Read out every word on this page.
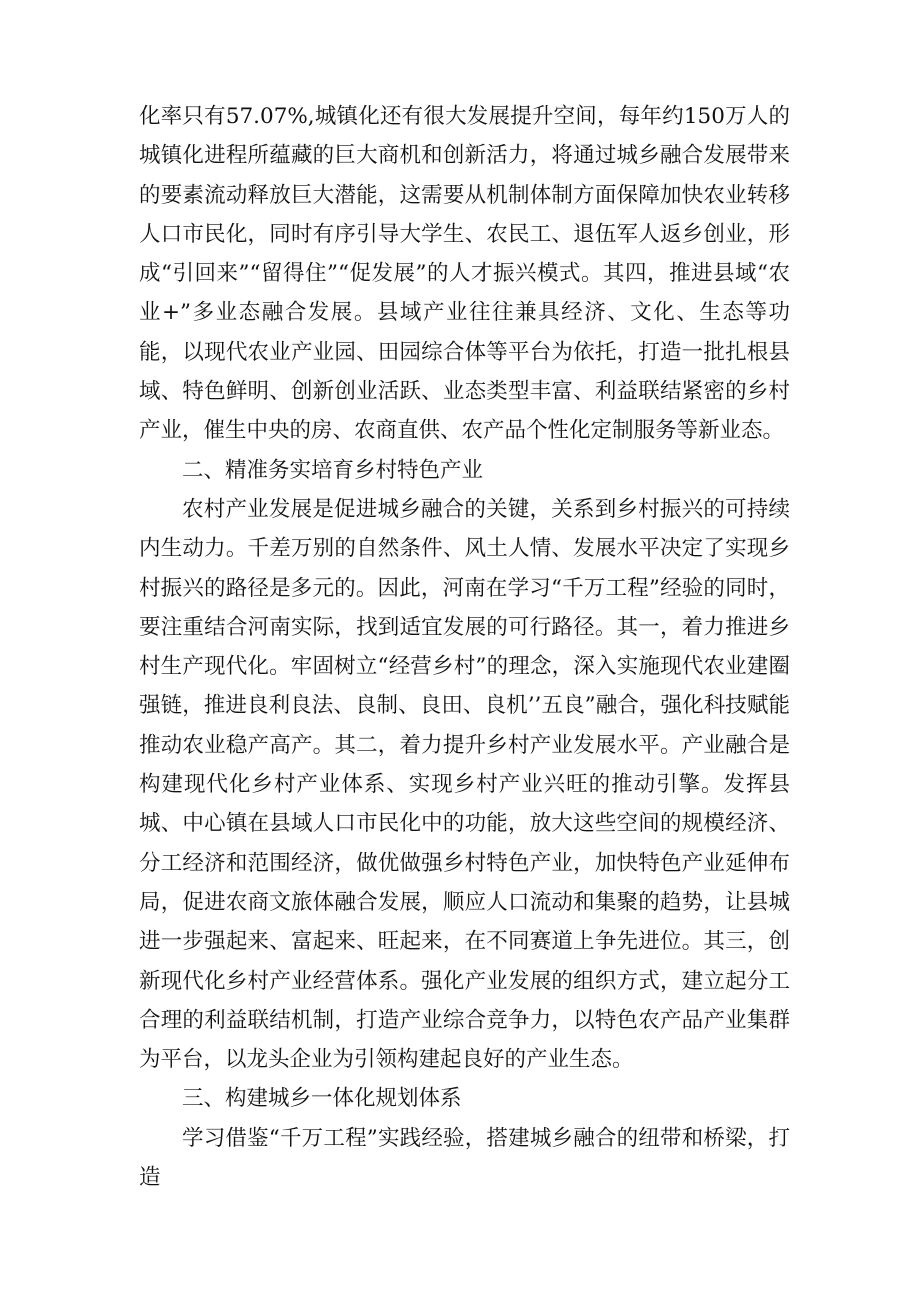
化率只有57.07%,城镇化还有很大发展提升空间，每年约150万人的城镇化进程所蕴藏的巨大商机和创新活力，将通过城乡融合发展带来的要素流动释放巨大潜能，这需要从机制体制方面保障加快农业转移人口市民化，同时有序引导大学生、农民工、退伍军人返乡创业，形成“引回来”“留得住”“促发展”的人才振兴模式。其四，推进县域“农业+”多业态融合发展。县域产业往往兼具经济、文化、生态等功能，以现代农业产业园、田园综合体等平台为依托，打造一批扎根县域、特色鲜明、创新创业活跃、业态类型丰富、利益联结紧密的乡村产业，催生中央的房、农商直供、农产品个性化定制服务等新业态。

二、精准务实培育乡村特色产业

农村产业发展是促进城乡融合的关键，关系到乡村振兴的可持续内生动力。千差万别的自然条件、风土人情、发展水平决定了实现乡村振兴的路径是多元的。因此，河南在学习“千万工程”经验的同时，要注重结合河南实际，找到适宜发展的可行路径。其一，着力推进乡村生产现代化。牢固树立“经营乡村”的理念，深入实施现代农业建圈强链，推进良利良法、良制、良田、良机’’五良”融合，强化科技赋能推动农业稳产高产。其二，着力提升乡村产业发展水平。产业融合是构建现代化乡村产业体系、实现乡村产业兴旺的推动引擎。发挥县城、中心镇在县域人口市民化中的功能，放大这些空间的规模经济、分工经济和范围经济，做优做强乡村特色产业，加快特色产业延伸布局，促进农商文旅体融合发展，顺应人口流动和集聚的趋势，让县城进一步强起来、富起来、旺起来，在不同赛道上争先进位。其三，创新现代化乡村产业经营体系。强化产业发展的组织方式，建立起分工合理的利益联结机制，打造产业综合竞争力，以特色农产品产业集群为平台，以龙头企业为引领构建起良好的产业生态。

三、构建城乡一体化规划体系

学习借鉴“千万工程”实践经验，搭建城乡融合的纽带和桥梁，打造
